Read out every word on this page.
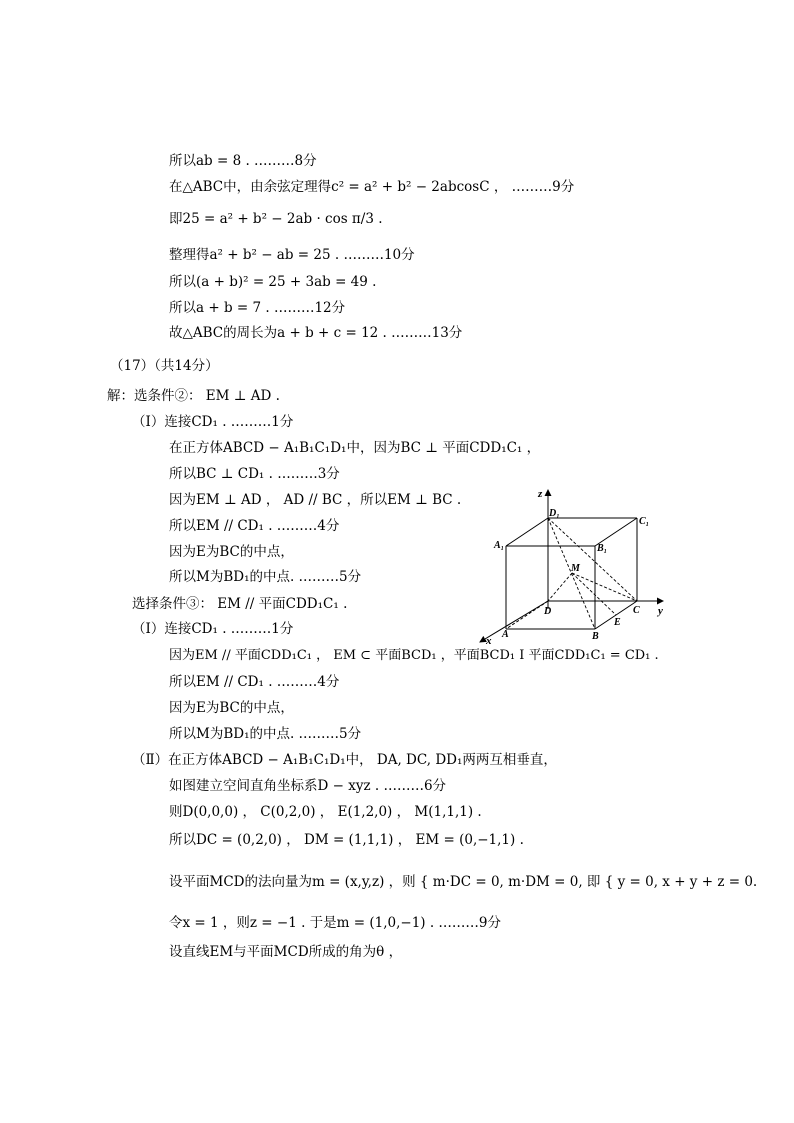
所以ab = 8 . ………8分
在△ABC中，由余弦定理得c² = a² + b² − 2abcosC ， ………9分
即25 = a² + b² − 2ab · cos π/3 .
整理得a² + b² − ab = 25 . ………10分
所以(a + b)² = 25 + 3ab = 49 .
所以a + b = 7 . ………12分
故△ABC的周长为a + b + c = 12 . ………13分
（17）（共14分）
解：选条件②： EM ⊥ AD .
（Ⅰ）连接CD₁ . ………1分
在正方体ABCD − A₁B₁C₁D₁中，因为BC ⊥ 平面CDD₁C₁ ，
所以BC ⊥ CD₁ . ………3分
因为EM ⊥ AD ， AD // BC ，所以EM ⊥ BC .
所以EM // CD₁ . ………4分
因为E为BC的中点，
所以M为BD₁的中点. ………5分
选择条件③： EM // 平面CDD₁C₁ .
（Ⅰ）连接CD₁ . ………1分
因为EM // 平面CDD₁C₁ ， EM ⊂ 平面BCD₁ ，平面BCD₁ I 平面CDD₁C₁ = CD₁ .
所以EM // CD₁ . ………4分
因为E为BC的中点，
所以M为BD₁的中点. ………5分
（Ⅱ）在正方体ABCD − A₁B₁C₁D₁中， DA, DC, DD₁两两互相垂直，
如图建立空间直角坐标系D − xyz . ………6分
则D(0,0,0) ， C(0,2,0) ， E(1,2,0) ， M(1,1,1) .
所以DC = (0,2,0) ， DM = (1,1,1) ， EM = (0,−1,1) .
设平面MCD的法向量为m = (x,y,z) ，则 { m·DC = 0, m·DM = 0, 即 { y = 0, x + y + z = 0.
令x = 1 ，则z = −1 . 于是m = (1,0,−1) . ………9分
设直线EM与平面MCD所成的角为θ ，
z
y
x
D₁
C₁
A₁	B₁
M
D	C
E
A	B
